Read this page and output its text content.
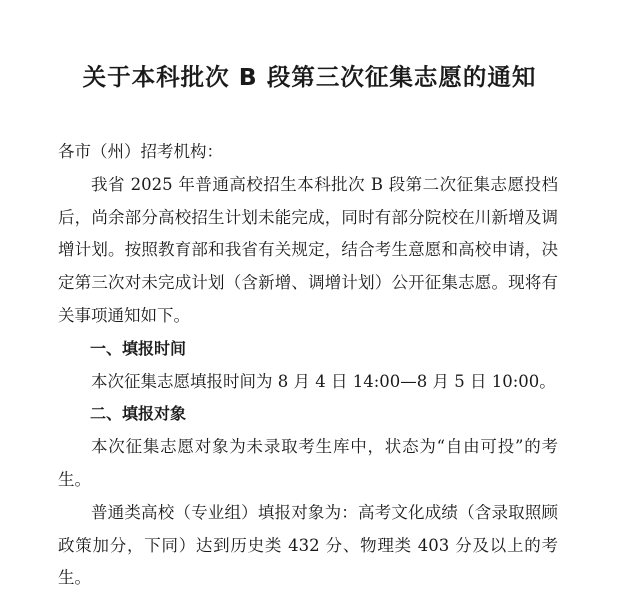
关于本科批次 B 段第三次征集志愿的通知

各市（州）招考机构：

我省 2025 年普通高校招生本科批次 B 段第二次征集志愿投档后，尚余部分高校招生计划未能完成，同时有部分院校在川新增及调增计划。按照教育部和我省有关规定，结合考生意愿和高校申请，决定第三次对未完成计划（含新增、调增计划）公开征集志愿。现将有关事项通知如下。

一、填报时间

本次征集志愿填报时间为 8 月 4 日 14:00—8 月 5 日 10:00。

二、填报对象

本次征集志愿对象为未录取考生库中，状态为“自由可投”的考生。

普通类高校（专业组）填报对象为：高考文化成绩（含录取照顾政策加分，下同）达到历史类 432 分、物理类 403 分及以上的考生。
